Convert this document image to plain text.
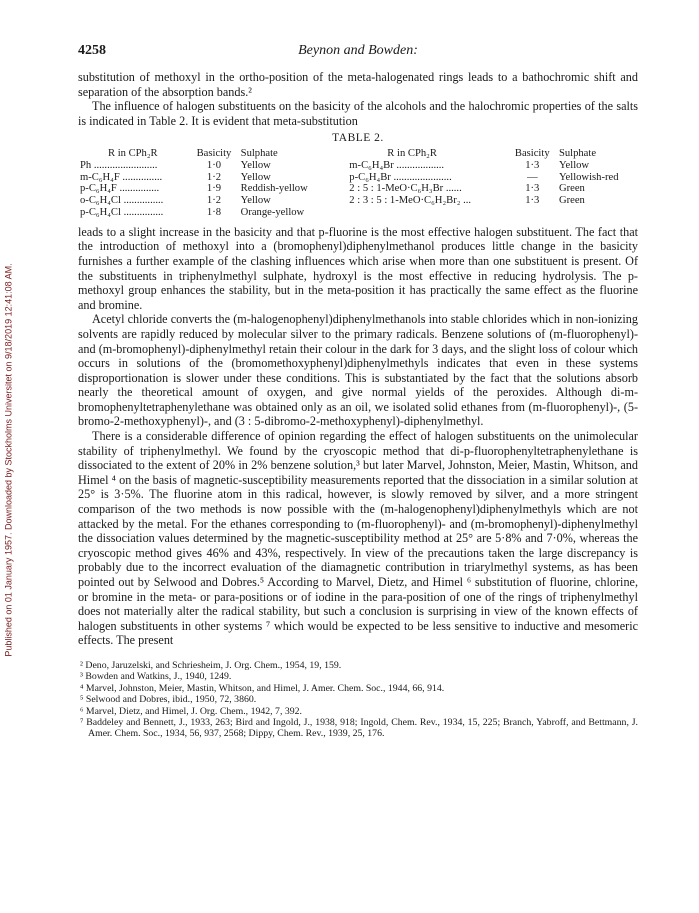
Published on 01 January 1957. Downloaded by Stockholms Universitet on 9/18/2019 12:41:08 AM.
4258	Beynon and Bowden:

substitution of methoxyl in the ortho-position of the meta-halogenated rings leads to a bathochromic shift and separation of the absorption bands.²

The influence of halogen substituents on the basicity of the alcohols and the halochromic properties of the salts is indicated in Table 2. It is evident that meta-substitution

TABLE 2.
R in CPh₂R	Basicity	Sulphate		R in CPh₂R	Basicity	Sulphate
Ph ........................	1·0	Yellow		m-C₆H₄Br ..................	1·3	Yellow
m-C₆H₄F ...............	1·2	Yellow		p-C₆H₄Br ......................	—	Yellowish-red
p-C₆H₄F ...............	1·9	Reddish-yellow		2 : 5 : 1-MeO·C₆H₃Br ......	1·3	Green
o-C₆H₄Cl ...............	1·2	Yellow		2 : 3 : 5 : 1-MeO·C₆H₂Br₂ ...	1·3	Green
p-C₆H₄Cl ...............	1·8	Orange-yellow				

leads to a slight increase in the basicity and that p-fluorine is the most effective halogen substituent. The fact that the introduction of methoxyl into a (bromophenyl)diphenylmethanol produces little change in the basicity furnishes a further example of the clashing influences which arise when more than one substituent is present. Of the substituents in triphenylmethyl sulphate, hydroxyl is the most effective in reducing hydrolysis. The p-methoxyl group enhances the stability, but in the meta-position it has practically the same effect as the fluorine and bromine.

Acetyl chloride converts the (m-halogenophenyl)diphenylmethanols into stable chlorides which in non-ionizing solvents are rapidly reduced by molecular silver to the primary radicals. Benzene solutions of (m-fluorophenyl)- and (m-bromophenyl)-diphenylmethyl retain their colour in the dark for 3 days, and the slight loss of colour which occurs in solutions of the (bromomethoxyphenyl)diphenylmethyls indicates that even in these systems disproportionation is slower under these conditions. This is substantiated by the fact that the solutions absorb nearly the theoretical amount of oxygen, and give normal yields of the peroxides. Although di-m-bromophenyltetraphenylethane was obtained only as an oil, we isolated solid ethanes from (m-fluorophenyl)-, (5-bromo-2-methoxyphenyl)-, and (3 : 5-dibromo-2-methoxyphenyl)-diphenylmethyl.

There is a considerable difference of opinion regarding the effect of halogen substituents on the unimolecular stability of triphenylmethyl. We found by the cryoscopic method that di-p-fluorophenyltetraphenylethane is dissociated to the extent of 20% in 2% benzene solution,³ but later Marvel, Johnston, Meier, Mastin, Whitson, and Himel ⁴ on the basis of magnetic-susceptibility measurements reported that the dissociation in a similar solution at 25° is 3·5%. The fluorine atom in this radical, however, is slowly removed by silver, and a more stringent comparison of the two methods is now possible with the (m-halogenophenyl)diphenylmethyls which are not attacked by the metal. For the ethanes corresponding to (m-fluorophenyl)- and (m-bromophenyl)-diphenylmethyl the dissociation values determined by the magnetic-susceptibility method at 25° are 5·8% and 7·0%, whereas the cryoscopic method gives 46% and 43%, respectively. In view of the precautions taken the large discrepancy is probably due to the incorrect evaluation of the diamagnetic contribution in triarylmethyl systems, as has been pointed out by Selwood and Dobres.⁵ According to Marvel, Dietz, and Himel ⁶ substitution of fluorine, chlorine, or bromine in the meta- or para-positions or of iodine in the para-position of one of the rings of triphenylmethyl does not materially alter the radical stability, but such a conclusion is surprising in view of the known effects of halogen substituents in other systems ⁷ which would be expected to be less sensitive to inductive and mesomeric effects. The present

² Deno, Jaruzelski, and Schriesheim, J. Org. Chem., 1954, 19, 159.

³ Bowden and Watkins, J., 1940, 1249.

⁴ Marvel, Johnston, Meier, Mastin, Whitson, and Himel, J. Amer. Chem. Soc., 1944, 66, 914.

⁵ Selwood and Dobres, ibid., 1950, 72, 3860.

⁶ Marvel, Dietz, and Himel, J. Org. Chem., 1942, 7, 392.

⁷ Baddeley and Bennett, J., 1933, 263; Bird and Ingold, J., 1938, 918; Ingold, Chem. Rev., 1934, 15, 225; Branch, Yabroff, and Bettmann, J. Amer. Chem. Soc., 1934, 56, 937, 2568; Dippy, Chem. Rev., 1939, 25, 176.
